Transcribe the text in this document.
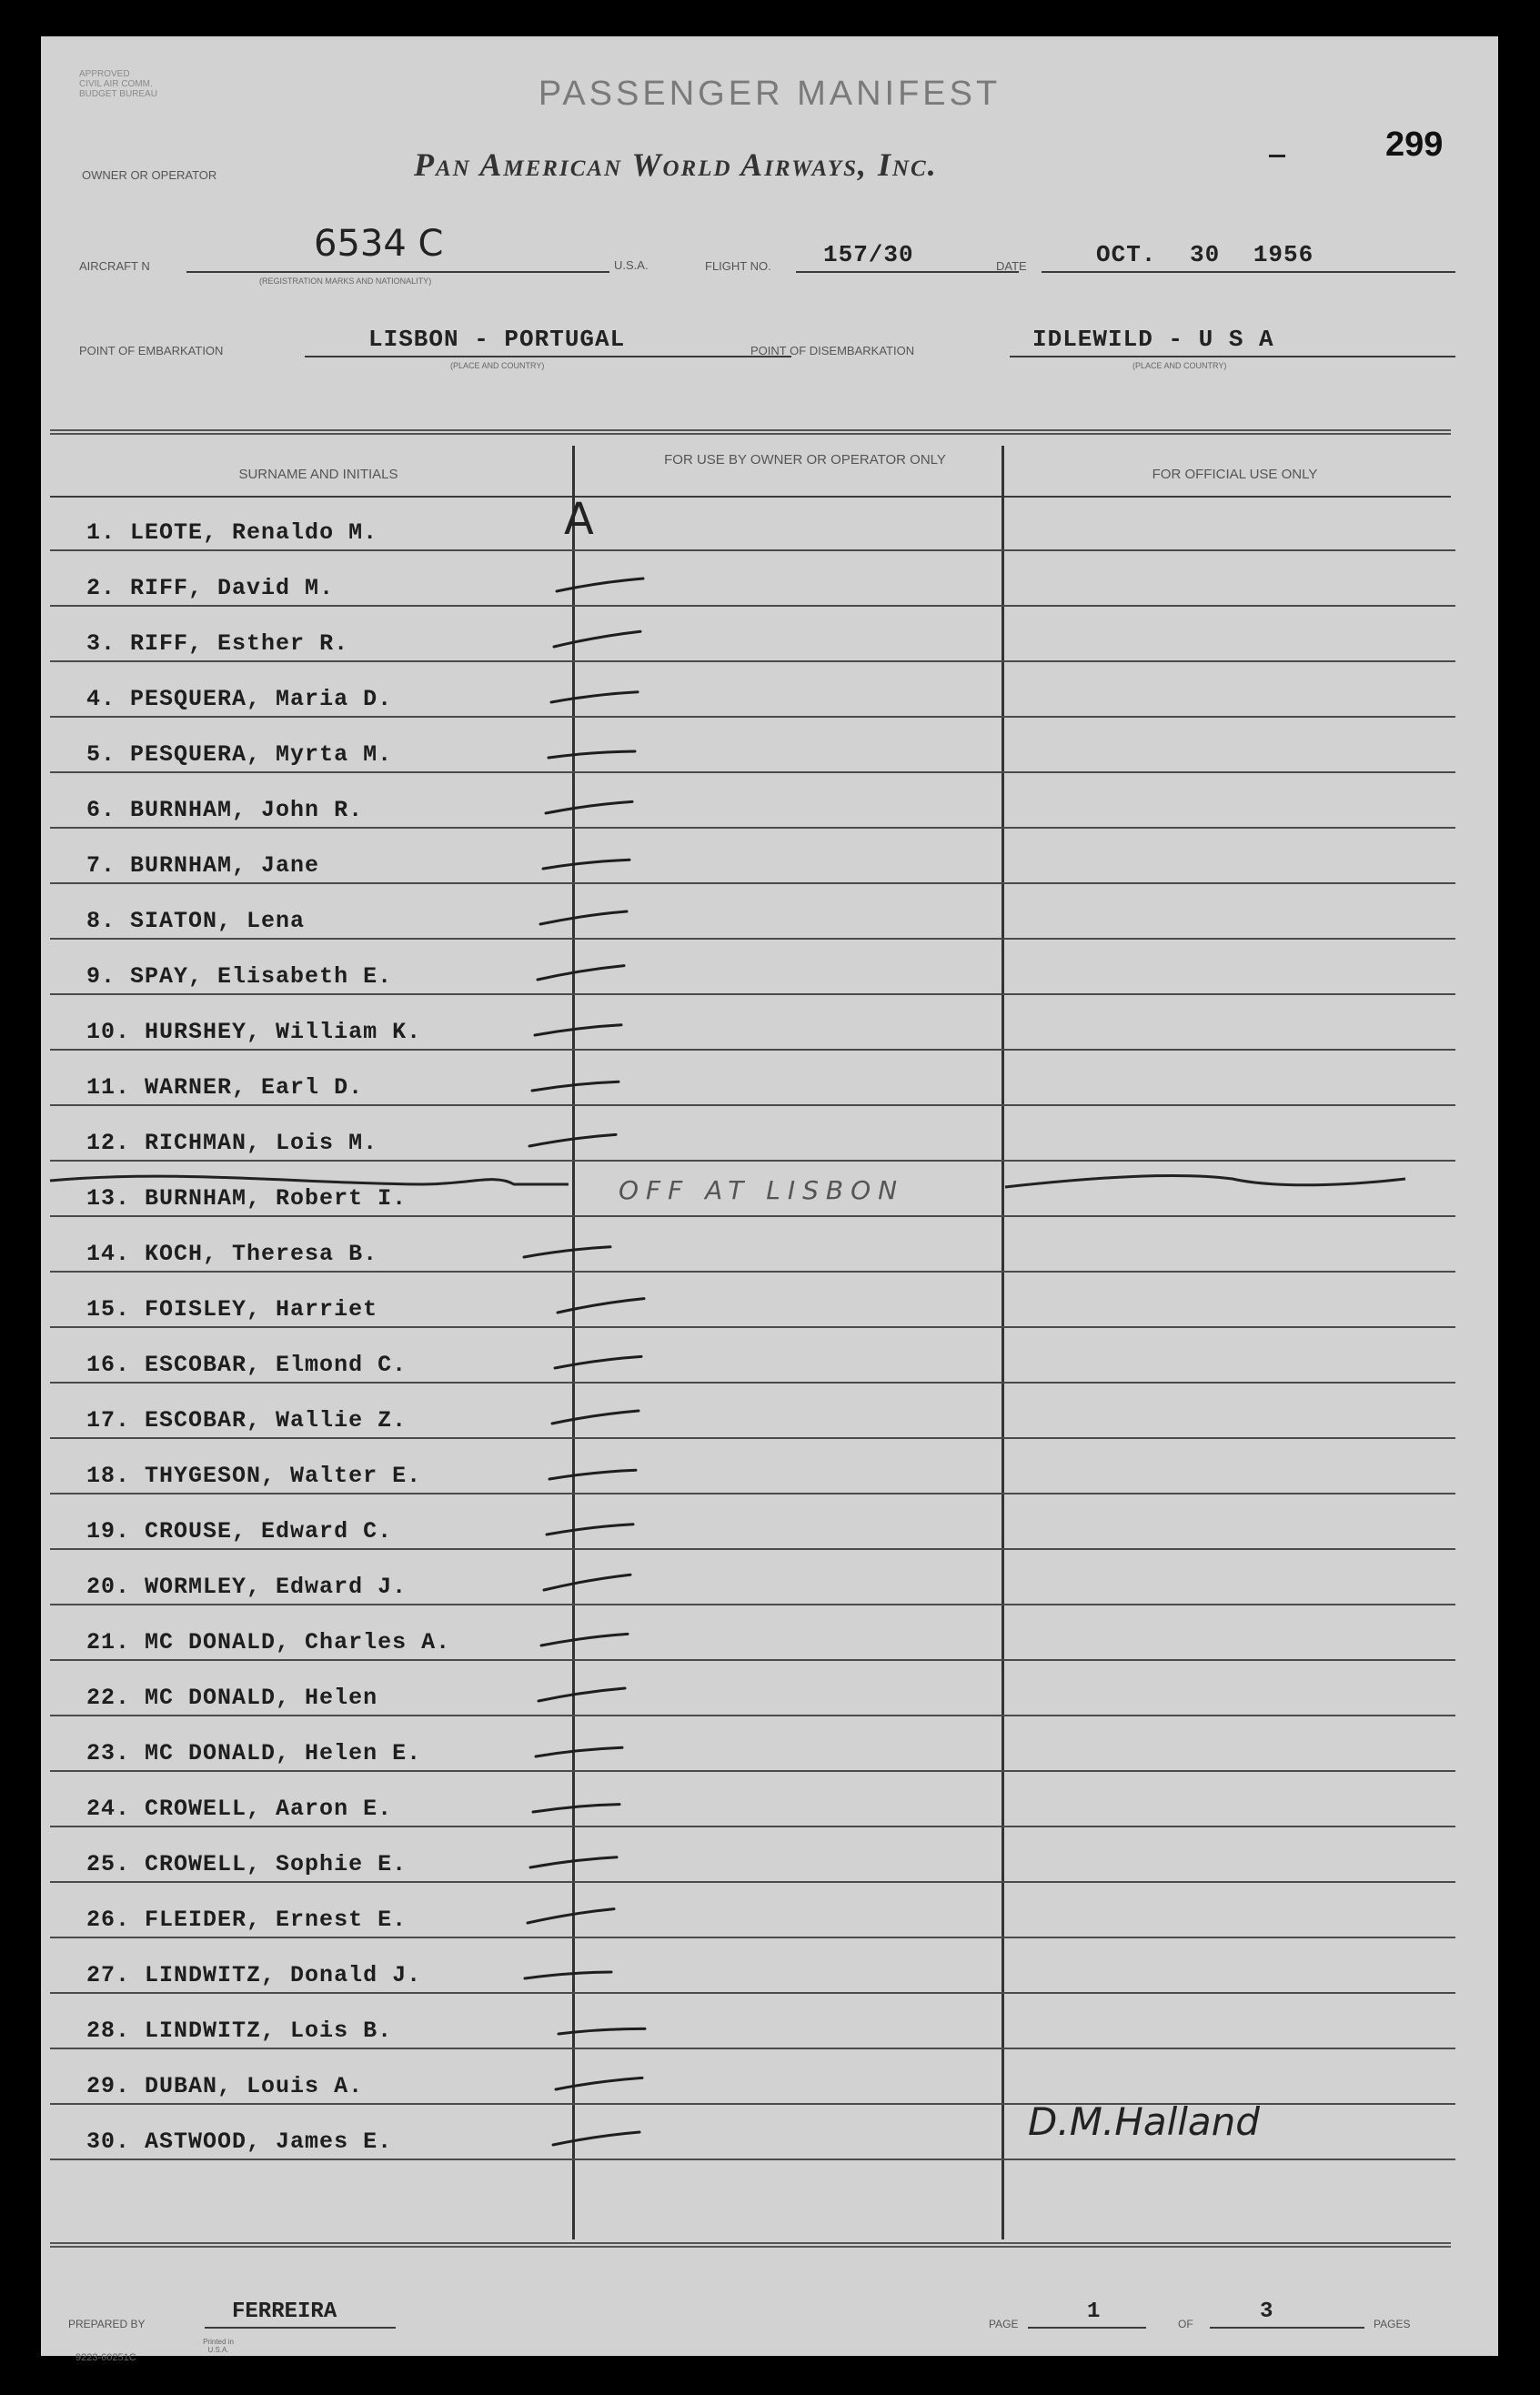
APPROVED
CIVIL AIR COMM.
BUDGET BUREAU	PASSENGER MANIFEST
OWNER OR OPERATOR	Pan American World Airways, Inc.
299
AIRCRAFT N
6534 C
(REGISTRATION MARKS AND NATIONALITY)
U.S.A.	FLIGHT NO. 157/30	DATE	OCT. 30 1956
POINT OF EMBARKATION	LISBON - PORTUGAL
(PLACE AND COUNTRY)
POINT OF DISEMBARKATION	IDLEWILD - U S A
(PLACE AND COUNTRY)
SURNAME AND INITIALS
FOR USE BY OWNER OR OPERATOR ONLY
FOR OFFICIAL USE ONLY
1. LEOTE, Renaldo M.
2. RIFF, David M.
3. RIFF, Esther R.
4. PESQUERA, Maria D.
5. PESQUERA, Myrta M.
6. BURNHAM, John R.
7. BURNHAM, Jane
8. SIATON, Lena
9. SPAY, Elisabeth E.
10. HURSHEY, William K.
11. WARNER, Earl D.
12. RICHMAN, Lois M.
13. BURNHAM, Robert I.
14. KOCH, Theresa B.
15. FOISLEY, Harriet
16. ESCOBAR, Elmond C.
17. ESCOBAR, Wallie Z.
18. THYGESON, Walter E.
19. CROUSE, Edward C.
20. WORMLEY, Edward J.
21. MC DONALD, Charles A.
22. MC DONALD, Helen
23. MC DONALD, Helen E.
24. CROWELL, Aaron E.
25. CROWELL, Sophie E.
26. FLEIDER, Ernest E.
27. LINDWITZ, Donald J.
28. LINDWITZ, Lois B.
29. DUBAN, Louis A.
30. ASTWOOD, James E.
A
OFF AT LISBON
D.M.Halland
PREPARED BY	FERREIRA	PAGE	1	OF	3	PAGES
9223-60251C
Printed in U.S.A.
